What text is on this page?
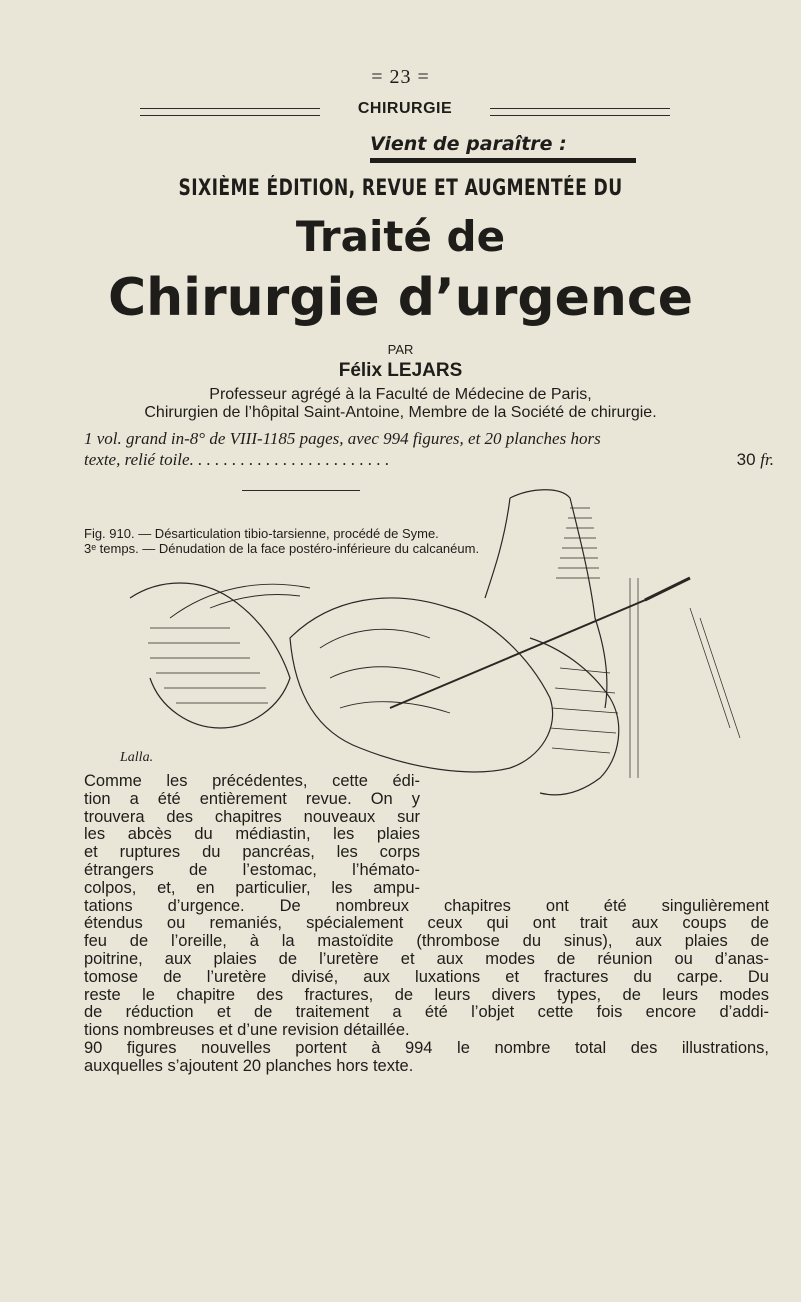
= 23 =
CHIRURGIE
Vient de paraître :
SIXIÈME ÉDITION, REVUE ET AUGMENTÉE DU
Traité de
Chirurgie d’urgence
PAR
Félix LEJARS
Professeur agrégé à la Faculté de Médecine de Paris,
Chirurgien de l’hôpital Saint-Antoine, Membre de la Société de chirurgie.
1 vol. grand in-8° de VIII-1185 pages, avec 994 figures, et 20 planches hors
texte, relié toile. . . . . . . . . . . . . . . . . . . . . . . .	30 fr.
Fig. 910. — Désarticulation tibio-tarsienne, procédé de Syme.
3ᵉ temps. — Dénudation de la face postéro-inférieure du calcanéum.
Lalla.
Comme les précédentes, cette édi-
tion a été entièrement revue. On y
trouvera des chapitres nouveaux sur
les abcès du médiastin, les plaies
et ruptures du pancréas, les corps
étrangers de l’estomac, l’hémato-
colpos, et, en particulier, les ampu-
tations d’urgence. De nombreux chapitres ont été singulièrement
étendus ou remaniés, spécialement ceux qui ont trait aux coups de
feu de l’oreille, à la mastoïdite (thrombose du sinus), aux plaies de
poitrine, aux plaies de l’uretère et aux modes de réunion ou d’anas-
tomose de l’uretère divisé, aux luxations et fractures du carpe. Du
reste le chapitre des fractures, de leurs divers types, de leurs modes
de réduction et de traitement a été l’objet cette fois encore d’addi-
tions nombreuses et d’une revision détaillée.
90 figures nouvelles portent à 994 le nombre total des illustrations,
auxquelles s’ajoutent 20 planches hors texte.
